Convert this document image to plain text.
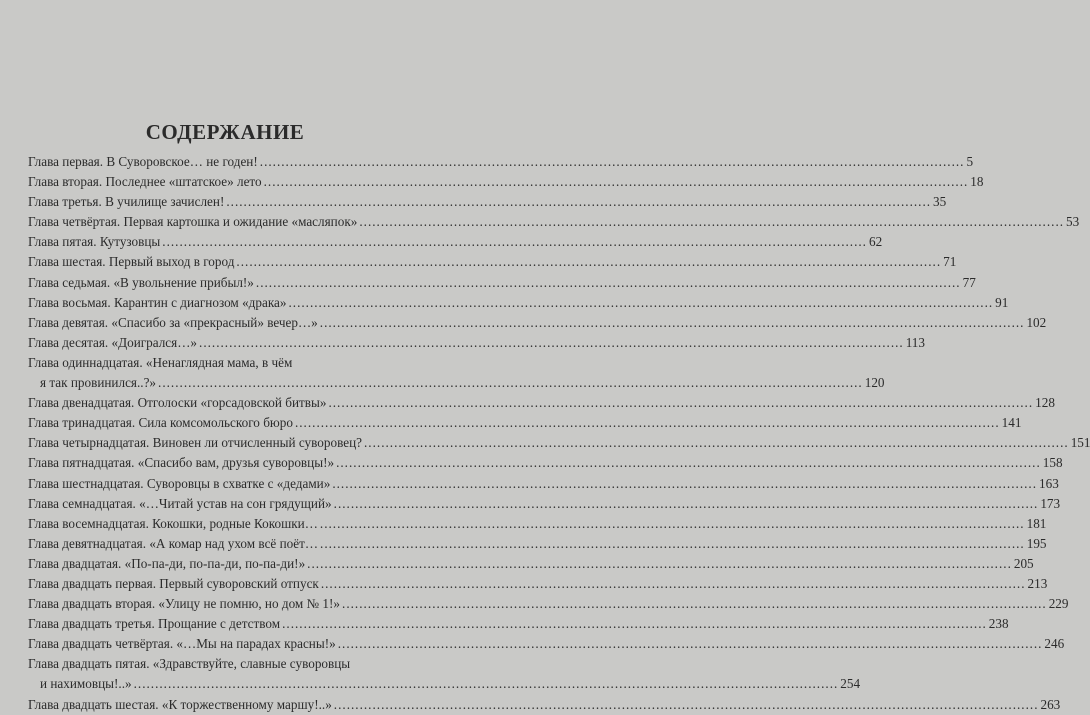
СОДЕРЖАНИЕ
Глава первая. В Суворовское… не годен! .....	5
Глава вторая. Последнее «штатское» лето .....	18
Глава третья. В училище зачислен! .....	35
Глава четвёртая. Первая картошка и ожидание «масляпок» .....	53
Глава пятая. Кутузовцы .....	62
Глава шестая. Первый выход в город .....	71
Глава седьмая. «В увольнение прибыл!» .....	77
Глава восьмая. Карантин с диагнозом «драка» .....	91
Глава девятая. «Спасибо за «прекрасный» вечер…» .....	102
Глава десятая. «Доигрался…» .....	113
Глава одиннадцатая. «Ненаглядная мама, в чём
я так провинился..?» .....	120
Глава двенадцатая. Отголоски «горсадовской битвы» .....	128
Глава тринадцатая. Сила комсомольского бюро .....	141
Глава четырнадцатая. Виновен ли отчисленный суворовец? .....	151
Глава пятнадцатая. «Спасибо вам, друзья суворовцы!» .....	158
Глава шестнадцатая. Суворовцы в схватке с «дедами» .....	163
Глава семнадцатая. «…Читай устав на сон грядущий» .....	173
Глава восемнадцатая. Кокошки, родные Кокошки… .....	181
Глава девятнадцатая. «А комар над ухом всё поёт… .....	195
Глава двадцатая. «По-па-ди, по-па-ди, по-па-ди!» .....	205
Глава двадцать первая. Первый суворовский отпуск .....	213
Глава двадцать вторая. «Улицу не помню, но дом № 1!» .....	229
Глава двадцать третья. Прощание с детством .....	238
Глава двадцать четвёртая. «…Мы на парадах красны!» .....	246
Глава двадцать пятая. «Здравствуйте, славные суворовцы
и нахимовцы!..» .....	254
Глава двадцать шестая. «К торжественному маршу!..» .....	263
